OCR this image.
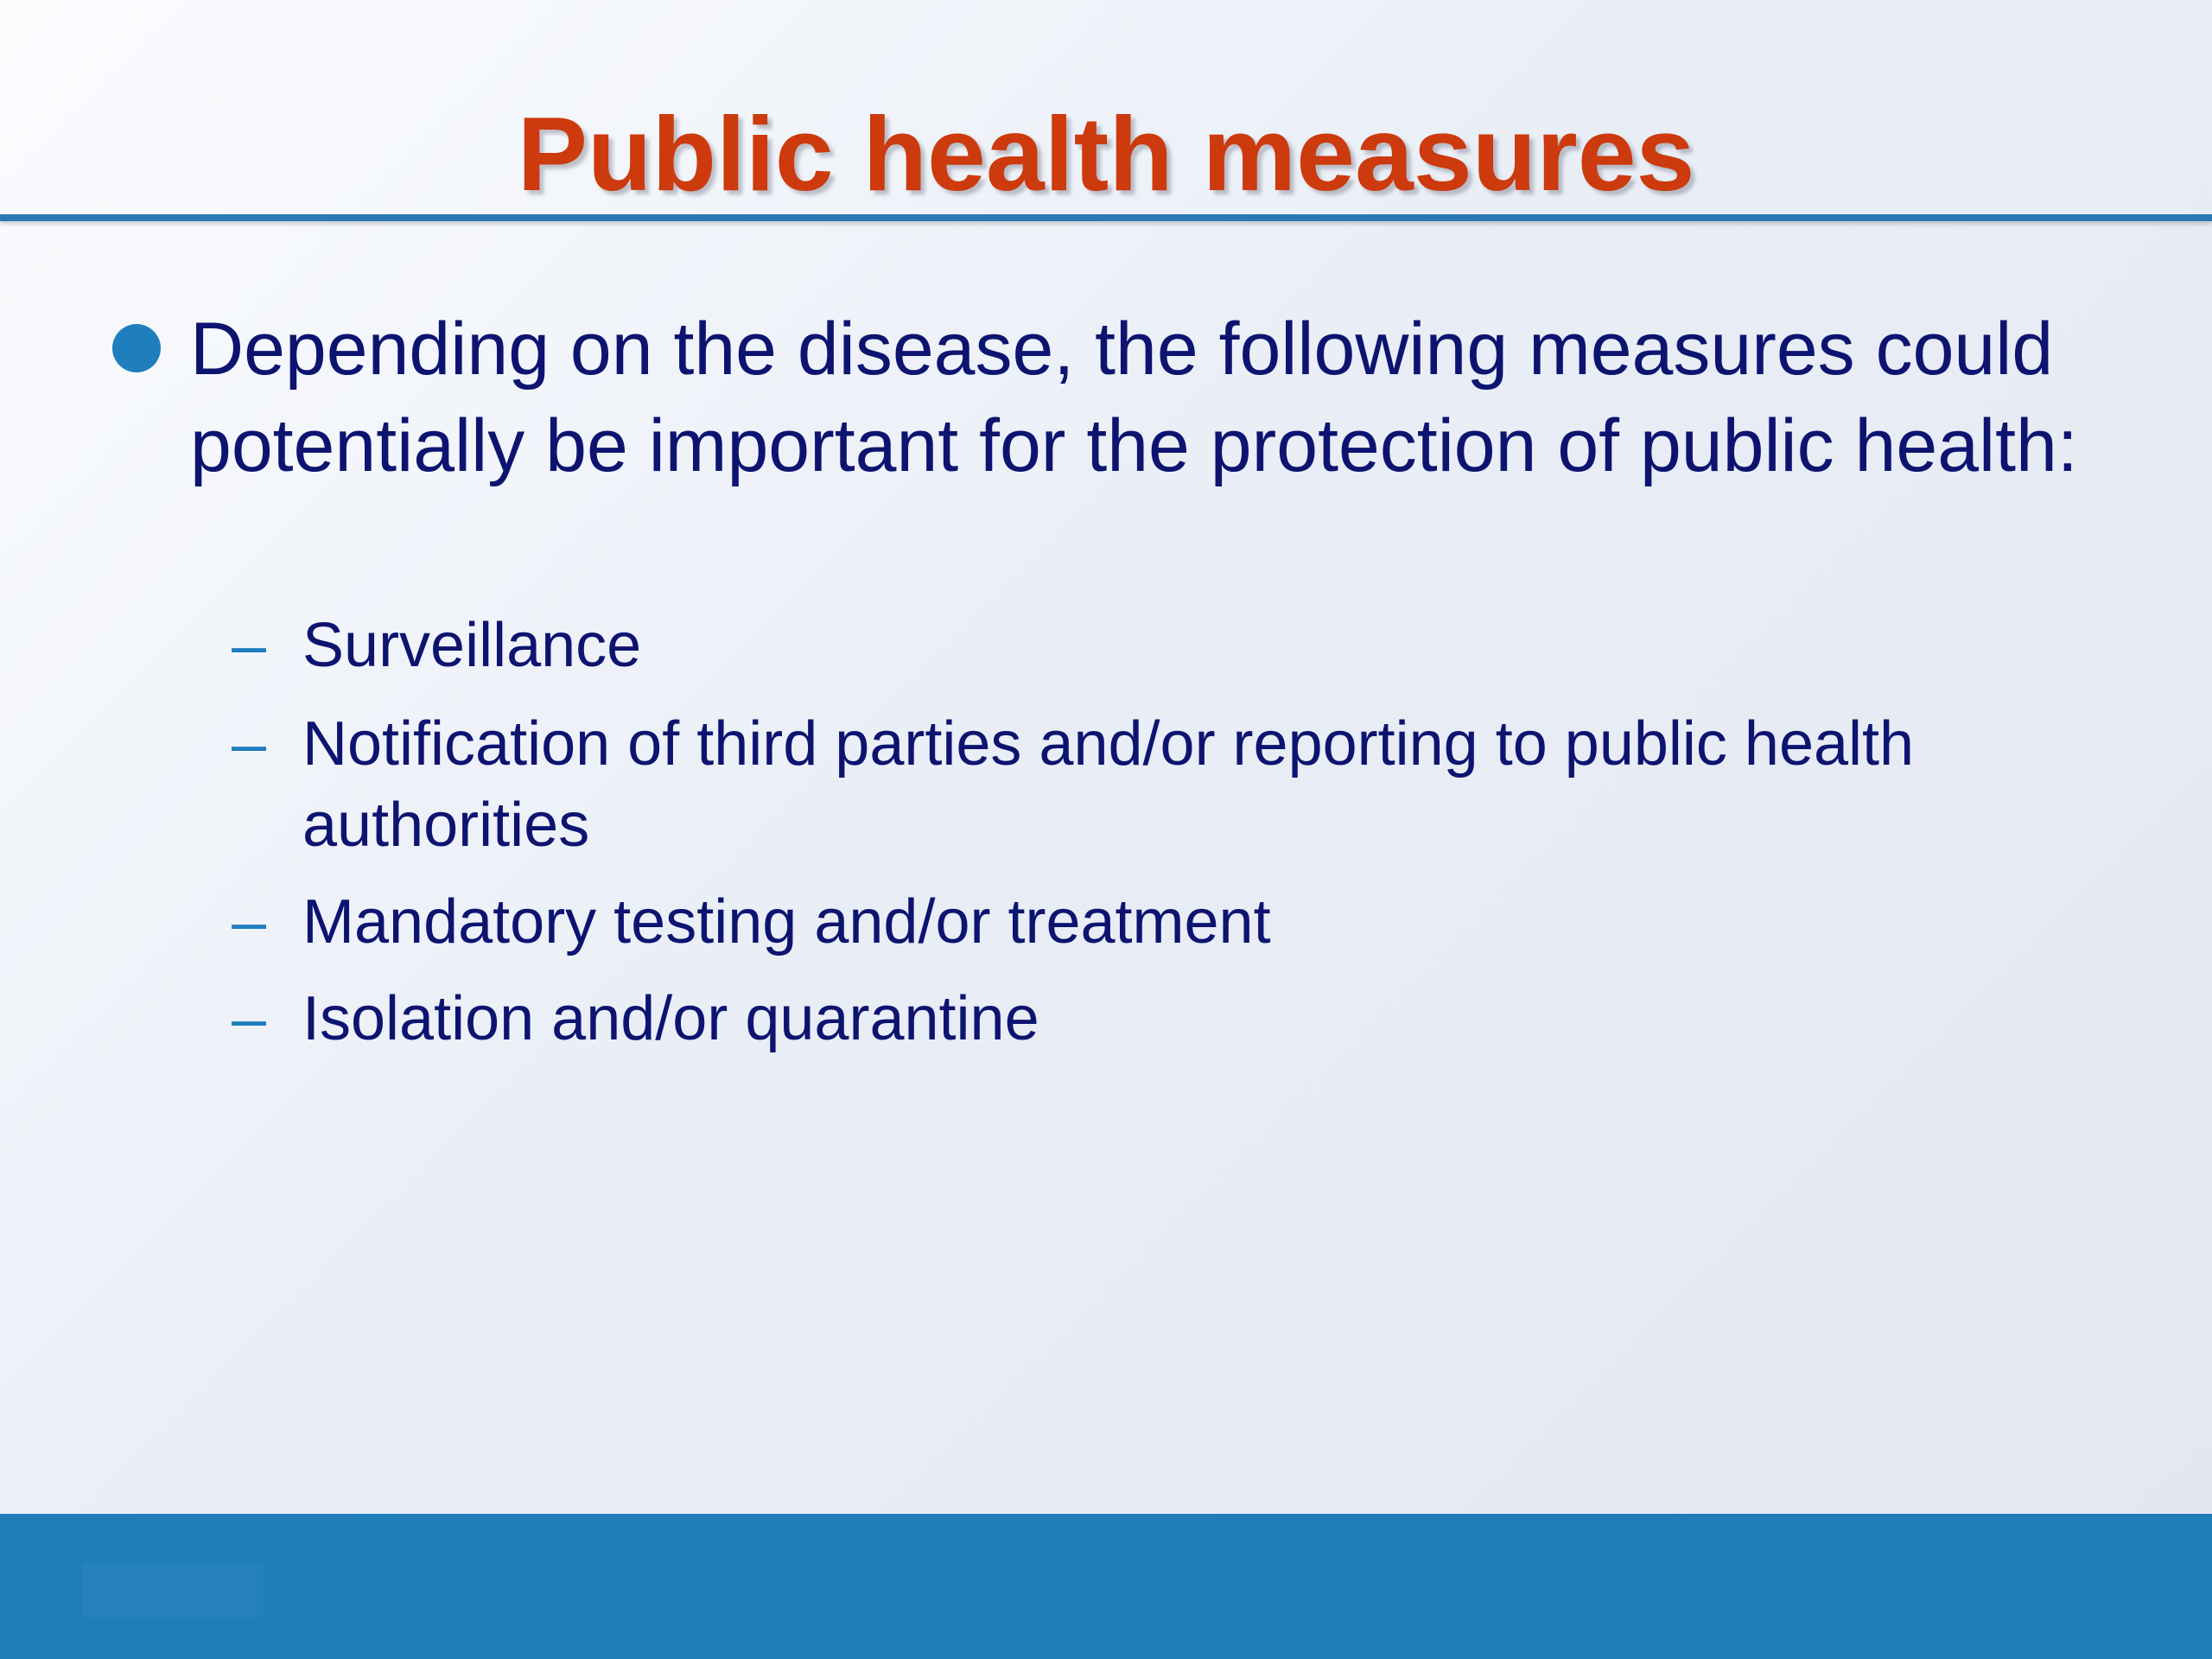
Public health measures

Depending on the disease, the following measures could potentially be important for the protection of public health:

– Surveillance
– Notification of third parties and/or reporting to public health authorities
– Mandatory testing and/or treatment
– Isolation and/or quarantine
